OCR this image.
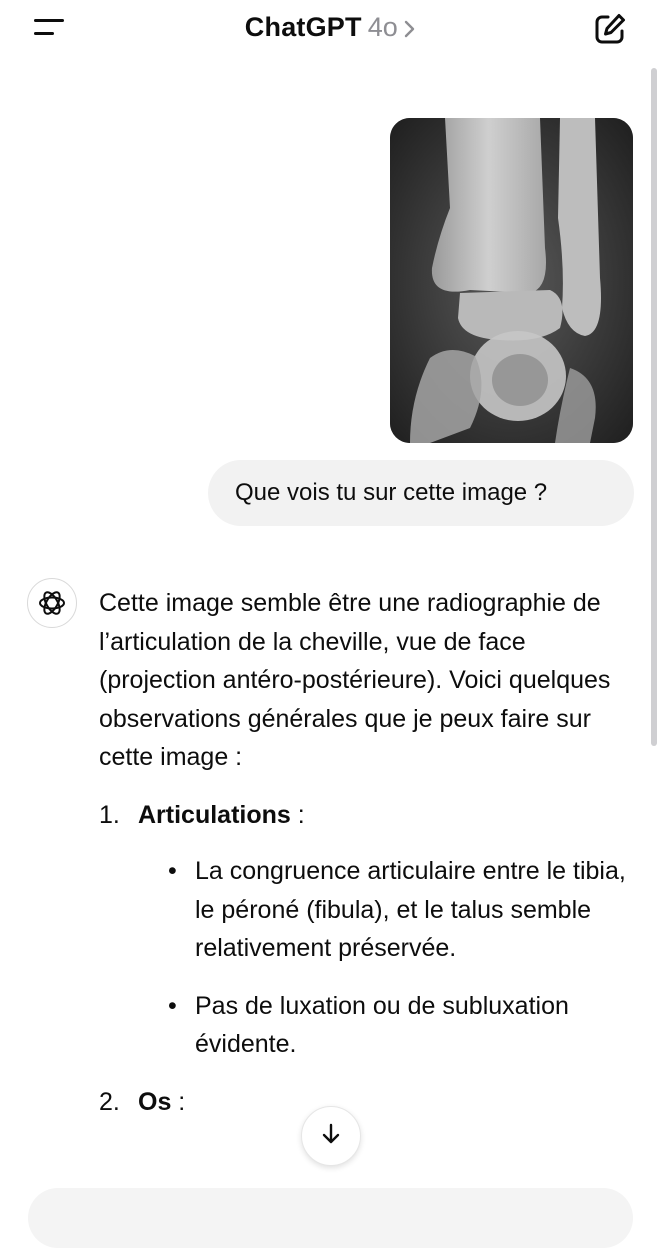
ChatGPT 4o
Que vois tu sur cette image ?

Cette image semble être une radiographie de l’articulation de la cheville, vue de face (projection antéro-postérieure). Voici quelques observations générales que je peux faire sur cette image :

1. Articulations :
• La congruence articulaire entre le tibia, le péroné (fibula), et le talus semble relativement préservée.
• Pas de luxation ou de subluxation évidente.
2. Os :
